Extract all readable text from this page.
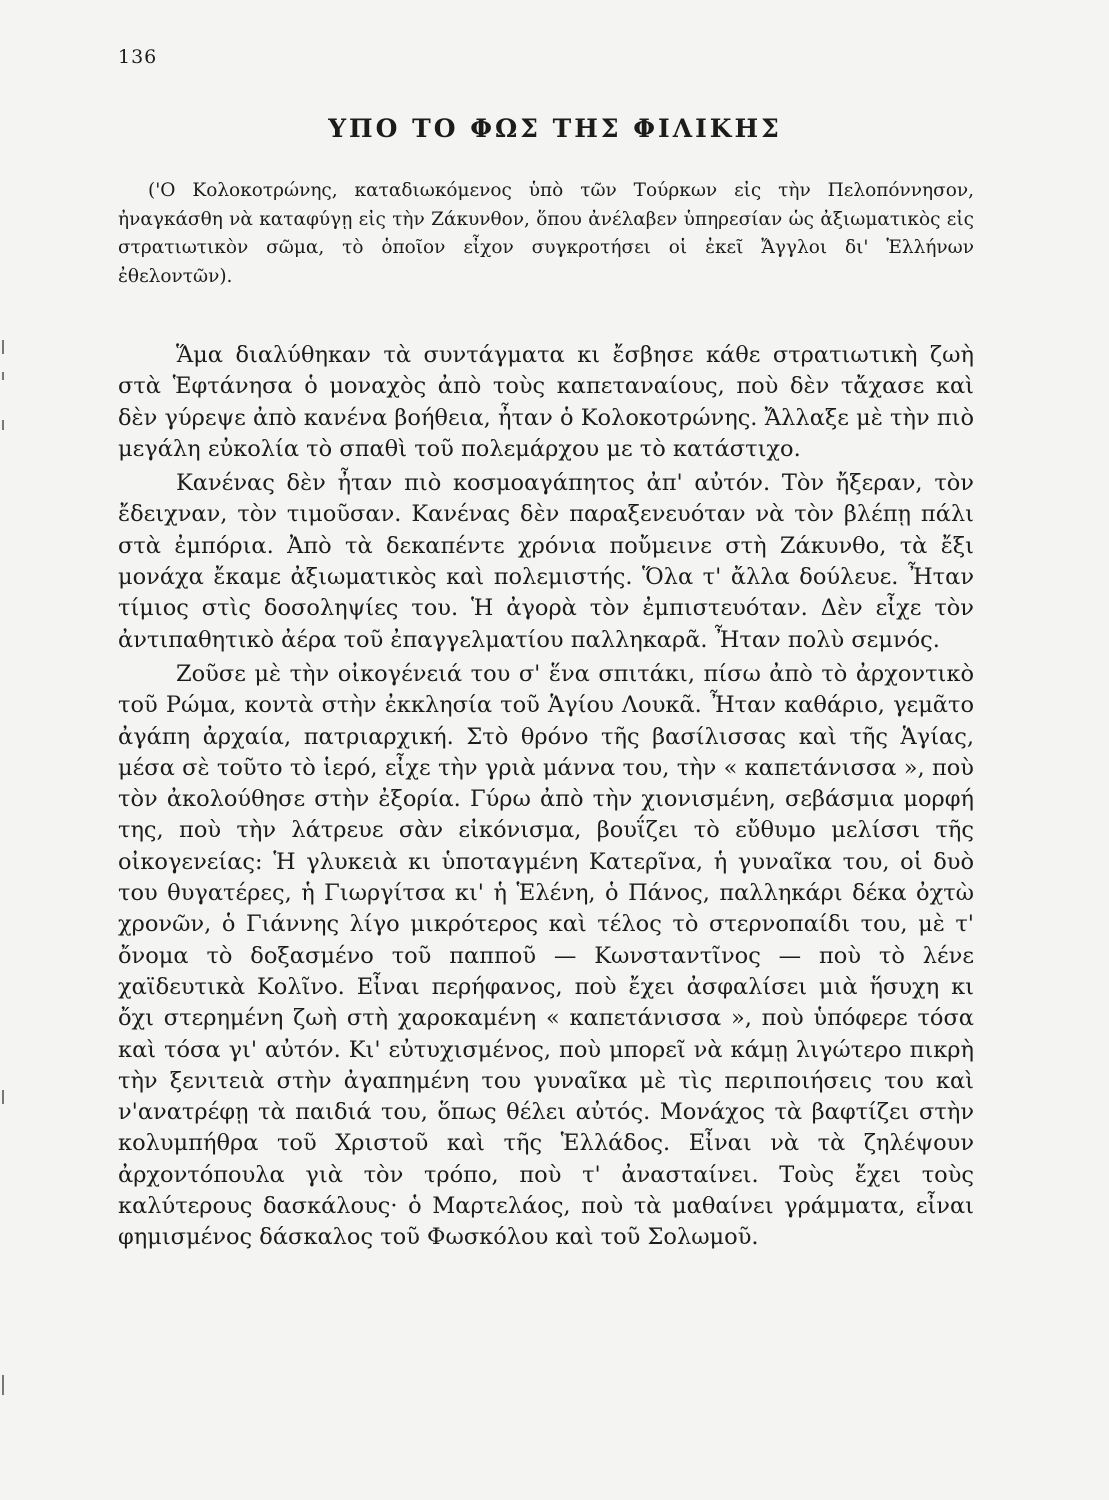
136
ΥΠΟ ΤΟ ΦΩΣ ΤΗΣ ΦΙΛΙΚΗΣ

('Ο Κολοκοτρώνης, καταδιωκόμενος ὑπὸ τῶν Τούρκων εἰς τὴν Πελοπόννησον, ἠναγκάσθη νὰ καταφύγῃ εἰς τὴν Ζάκυνθον, ὅπου ἀνέλαβεν ὑπηρεσίαν ὡς ἀξιωματικὸς εἰς στρατιωτικὸν σῶμα, τὸ ὁποῖον εἶχον συγκροτήσει οἱ ἐκεῖ Ἄγγλοι δι' Ἑλλήνων ἐθελοντῶν).

Ἅμα διαλύθηκαν τὰ συντάγματα κι ἔσβησε κάθε στρατιωτικὴ ζωὴ στὰ Ἑφτάνησα ὁ μοναχὸς ἀπὸ τοὺς καπεταναίους, ποὺ δὲν τἄχασε καὶ δὲν γύρεψε ἀπὸ κανένα βοήθεια, ἦταν ὁ Κολοκοτρώνης. Ἄλλαξε μὲ τὴν πιὸ μεγάλη εὐκολία τὸ σπαθὶ τοῦ πολεμάρχου με τὸ κατάστιχο.

Κανένας δὲν ἦταν πιὸ κοσμοαγάπητος ἀπ' αὐτόν. Τὸν ἤξεραν, τὸν ἔδειχναν, τὸν τιμοῦσαν. Κανένας δὲν παραξενευόταν νὰ τὸν βλέπῃ πάλι στὰ ἐμπόρια. Ἀπὸ τὰ δεκαπέντε χρόνια ποὔμεινε στὴ Ζάκυνθο, τὰ ἔξι μονάχα ἔκαμε ἀξιωματικὸς καὶ πολεμιστής. Ὅλα τ' ἄλλα δούλευε. Ἦταν τίμιος στὶς δοσοληψίες του. Ἡ ἀγορὰ τὸν ἐμπιστευόταν. Δὲν εἶχε τὸν ἀντιπαθητικὸ ἀέρα τοῦ ἐπαγγελματίου παλληκαρᾶ. Ἦταν πολὺ σεμνός.

Ζοῦσε μὲ τὴν οἰκογένειά του σ' ἕνα σπιτάκι, πίσω ἀπὸ τὸ ἀρχοντικὸ τοῦ Ρώμα, κοντὰ στὴν ἐκκλησία τοῦ Ἁγίου Λουκᾶ. Ἦταν καθάριο, γεμᾶτο ἀγάπη ἀρχαία, πατριαρχική. Στὸ θρόνο τῆς βασίλισσας καὶ τῆς Ἁγίας, μέσα σὲ τοῦτο τὸ ἱερό, εἶχε τὴν γριὰ μάννα του, τὴν « καπετάνισσα », ποὺ τὸν ἀκολούθησε στὴν ἐξορία. Γύρω ἀπὸ τὴν χιονισμένη, σεβάσμια μορφή της, ποὺ τὴν λάτρευε σὰν εἰκόνισμα, βουΐζει τὸ εὔθυμο μελίσσι τῆς οἰκογενείας: Ἡ γλυκειὰ κι ὑποταγμένη Κατερῖνα, ἡ γυναῖκα του, οἱ δυὸ του θυγατέρες, ἡ Γιωργίτσα κι' ἡ Ἑλένη, ὁ Πάνος, παλληκάρι δέκα ὀχτὼ χρονῶν, ὁ Γιάννης λίγο μικρότερος καὶ τέλος τὸ στερνοπαίδι του, μὲ τ' ὄνομα τὸ δοξασμένο τοῦ παπποῦ — Κωνσταντῖνος — ποὺ τὸ λένε χαϊδευτικὰ Κολῖνο. Εἶναι περήφανος, ποὺ ἔχει ἀσφαλίσει μιὰ ἥσυχη κι ὄχι στερημένη ζωὴ στὴ χαροκαμένη « καπετάνισσα », ποὺ ὑπόφερε τόσα καὶ τόσα γι' αὐτόν. Κι' εὐτυχισμένος, ποὺ μπορεῖ νὰ κάμῃ λιγώτερο πικρὴ τὴν ξενιτειὰ στὴν ἀγαπημένη του γυναῖκα μὲ τὶς περιποιήσεις του καὶ ν'ανατρέφῃ τὰ παιδιά του, ὅπως θέλει αὐτός. Μονάχος τὰ βαφτίζει στὴν κολυμπήθρα τοῦ Χριστοῦ καὶ τῆς Ἑλλάδος. Εἶναι νὰ τὰ ζηλέψουν ἀρχοντόπουλα γιὰ τὸν τρόπο, ποὺ τ' ἀνασταίνει. Τοὺς ἔχει τοὺς καλύτερους δασκάλους· ὁ Μαρτελάος, ποὺ τὰ μαθαίνει γράμματα, εἶναι φημισμένος δάσκαλος τοῦ Φωσκόλου καὶ τοῦ Σολωμοῦ.
